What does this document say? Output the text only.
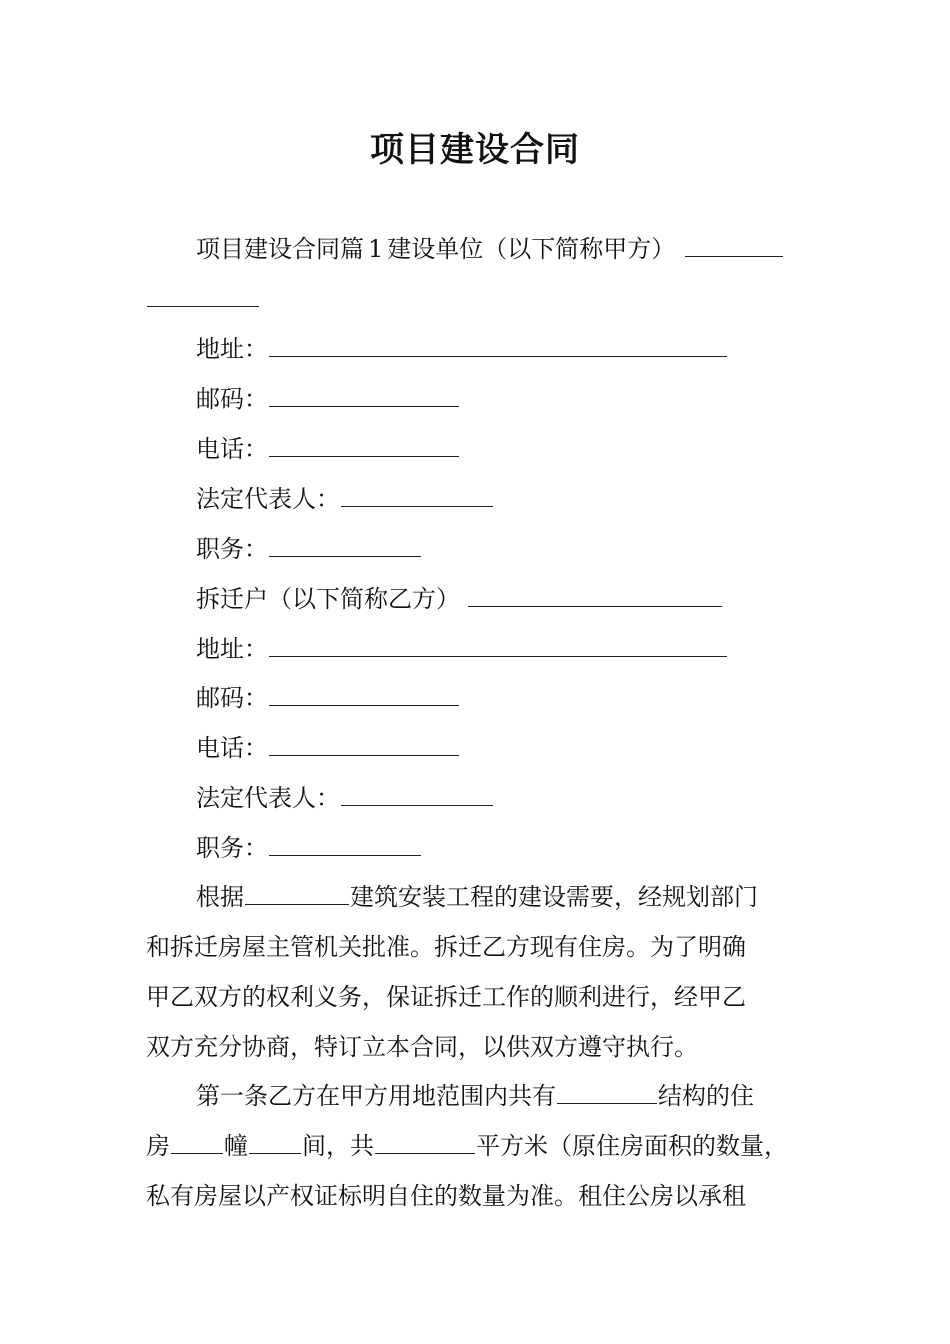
项目建设合同
项目建设合同篇 1 建设单位（以下简称甲方）
地址：
邮码：
电话：
法定代表人：
职务：
拆迁户（以下简称乙方）
地址：
邮码：
电话：
法定代表人：
职务：
根据	建筑安装工程的建设需要，经规划部门
和拆迁房屋主管机关批准。拆迁乙方现有住房。为了明确
甲乙双方的权利义务，保证拆迁工作的顺利进行，经甲乙
双方充分协商，特订立本合同，以供双方遵守执行。
第一条乙方在甲方用地范围内共有	结构的住
房 幢 间，共	平方米（原住房面积的数量，
私有房屋以产权证标明自住的数量为准。租住公房以承租
